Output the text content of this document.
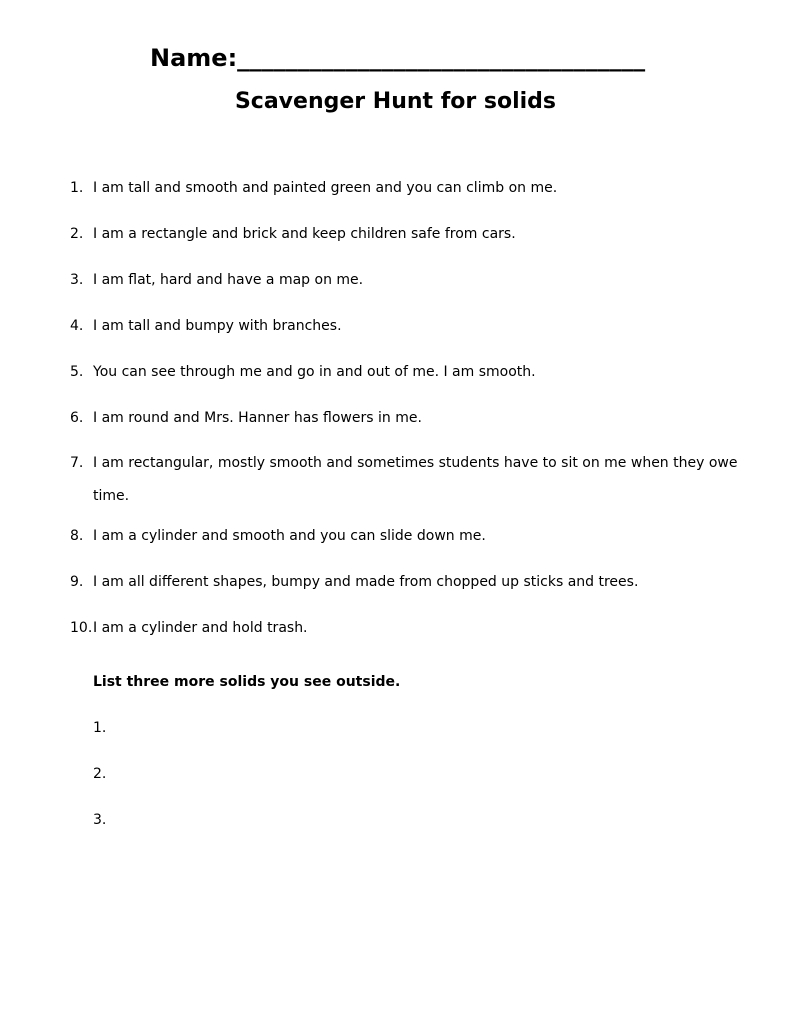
Name:__________________________________
Scavenger Hunt for solids
1. I am tall and smooth and painted green and you can climb on me.
2. I am a rectangle and brick and keep children safe from cars.
3. I am flat, hard and have a map on me.
4. I am tall and bumpy with branches.
5. You can see through me and go in and out of me. I am smooth.
6. I am round and Mrs. Hanner has flowers in me.
7. I am rectangular, mostly smooth and sometimes students have to sit on me when they owe time.
8. I am a cylinder and smooth and you can slide down me.
9. I am all different shapes, bumpy and made from chopped up sticks and trees.
10. I am a cylinder and hold trash.
List three more solids you see outside.
1.
2.
3.
